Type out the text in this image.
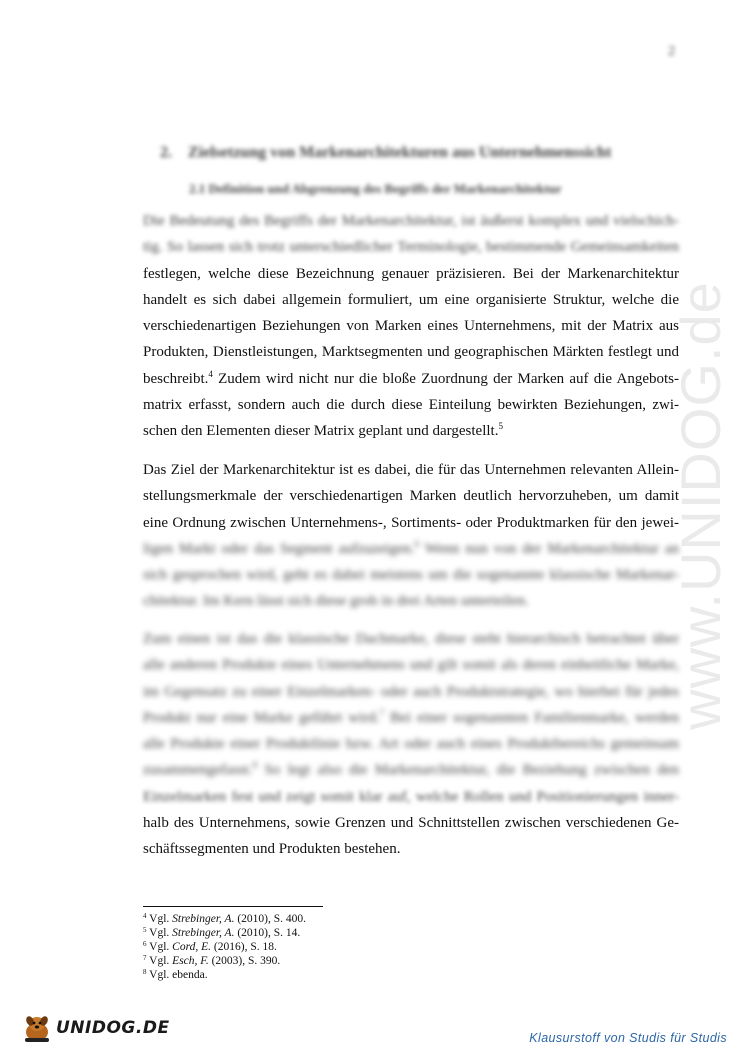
2
2. Zielsetzung von Markenarchitekturen aus Unternehmenssicht
2.1 Definition und Abgrenzung des Begriffs der Markenarchitektur
Die Bedeutung des Begriffs der Markenarchitektur, ist äußerst komplex und vielschich-
tig. So lassen sich trotz unterschiedlicher Terminologie, bestimmende Gemeinsamkeiten
festlegen, welche diese Bezeichnung genauer präzisieren. Bei der Markenarchitektur
handelt es sich dabei allgemein formuliert, um eine organisierte Struktur, welche die
verschiedenartigen Beziehungen von Marken eines Unternehmens, mit der Matrix aus
Produkten, Dienstleistungen, Marktsegmenten und geographischen Märkten festlegt und
beschreibt.$^4$ Zudem wird nicht nur die bloße Zuordnung der Marken auf die Angebots-
matrix erfasst, sondern auch die durch diese Einteilung bewirkten Beziehungen, zwi-
schen den Elementen dieser Matrix geplant und dargestellt.$^5$
Das Ziel der Markenarchitektur ist es dabei, die für das Unternehmen relevanten Allein-
stellungsmerkmale der verschiedenartigen Marken deutlich hervorzuheben, um damit
eine Ordnung zwischen Unternehmens-, Sortiments- oder Produktmarken für den jewei-
ligen Markt oder das Segment aufzuzeigen.$^6$ Wenn nun von der Markenarchitektur an
sich gesprochen wird, geht es dabei meistens um die sogenannte klassische Markenar-
chitektur. Im Kern lässt sich diese grob in drei Arten unterteilen.
Zum einen ist das die klassische Dachmarke, diese steht hierarchisch betrachtet über
alle anderen Produkte eines Unternehmens und gilt somit als deren einheitliche Marke,
im Gegensatz zu einer Einzelmarken- oder auch Produktstrategie, wo hierbei für jedes
Produkt nur eine Marke geführt wird.$^7$ Bei einer sogenannten Familienmarke, werden
alle Produkte einer Produktlinie bzw. Art oder auch eines Produktbereichs gemeinsam
zusammengefasst.$^8$ So legt also die Markenarchitektur, die Beziehung zwischen den
Einzelmarken fest und zeigt somit klar auf, welche Rollen und Positionierungen inner-
halb des Unternehmens, sowie Grenzen und Schnittstellen zwischen verschiedenen Ge-
schäftssegmenten und Produkten bestehen.
www.UNIDOG.de
$^4$ Vgl. Strebinger, A. (2010), S. 400.
$^5$ Vgl. Strebinger, A. (2010), S. 14.
$^6$ Vgl. Cord, E. (2016), S. 18.
$^7$ Vgl. Esch, F. (2003), S. 390.
$^8$ Vgl. ebenda.
UNIDOG.DE	Klausurstoff von Studis für Studis
